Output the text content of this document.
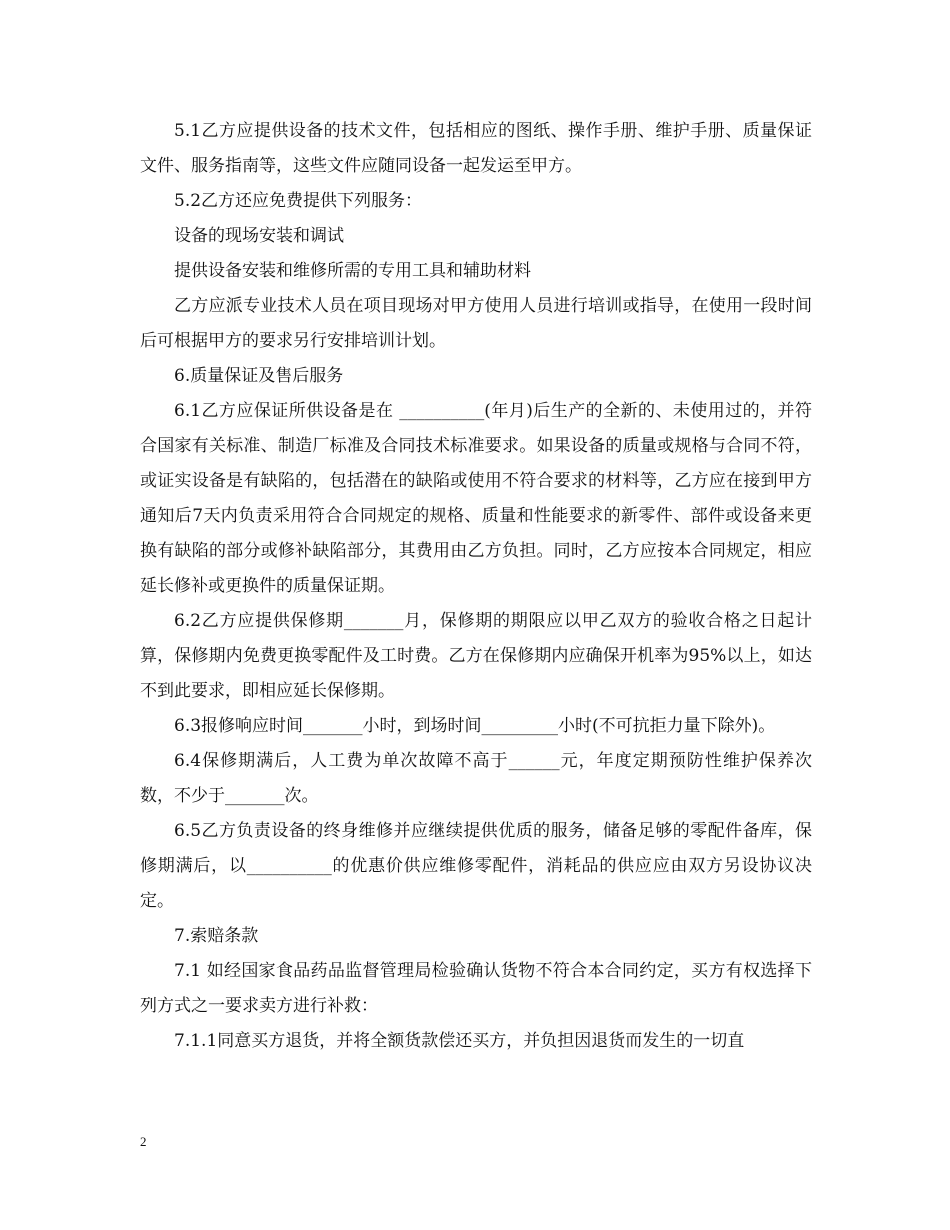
5.1乙方应提供设备的技术文件，包括相应的图纸、操作手册、维护手册、质量保证文件、服务指南等，这些文件应随同设备一起发运至甲方。

5.2乙方还应免费提供下列服务：

设备的现场安装和调试

提供设备安装和维修所需的专用工具和辅助材料

乙方应派专业技术人员在项目现场对甲方使用人员进行培训或指导，在使用一段时间后可根据甲方的要求另行安排培训计划。

6.质量保证及售后服务

6.1乙方应保证所供设备是在 __________(年月)后生产的全新的、未使用过的，并符合国家有关标准、制造厂标准及合同技术标准要求。如果设备的质量或规格与合同不符，或证实设备是有缺陷的，包括潜在的缺陷或使用不符合要求的材料等，乙方应在接到甲方通知后7天内负责采用符合合同规定的规格、质量和性能要求的新零件、部件或设备来更换有缺陷的部分或修补缺陷部分，其费用由乙方负担。同时，乙方应按本合同规定，相应延长修补或更换件的质量保证期。

6.2乙方应提供保修期_______月，保修期的期限应以甲乙双方的验收合格之日起计算，保修期内免费更换零配件及工时费。乙方在保修期内应确保开机率为95%以上，如达不到此要求，即相应延长保修期。

6.3报修响应时间_______小时，到场时间_________小时(不可抗拒力量下除外)。

6.4保修期满后，人工费为单次故障不高于______元，年度定期预防性维护保养次数，不少于_______次。

6.5乙方负责设备的终身维修并应继续提供优质的服务，储备足够的零配件备库，保修期满后，以__________的优惠价供应维修零配件，消耗品的供应应由双方另设协议决定。

7.索赔条款

7.1 如经国家食品药品监督管理局检验确认货物不符合本合同约定，买方有权选择下列方式之一要求卖方进行补救：

7.1.1同意买方退货，并将全额货款偿还买方，并负担因退货而发生的一切直

2
